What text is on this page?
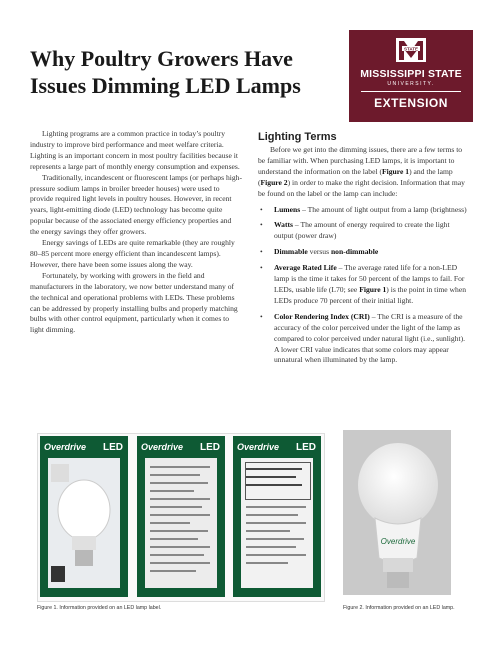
Why Poultry Growers Have Issues Dimming LED Lamps
STATE
MISSISSIPPI STATE
UNIVERSITY.
EXTENSION

Lighting programs are a common practice in today’s poultry industry to improve bird performance and meet welfare criteria. Lighting is an important concern in most poultry facilities because it represents a large part of monthly energy consumption and expenses.

Traditionally, incandescent or fluorescent lamps (or perhaps high-pressure sodium lamps in broiler breeder houses) were used to provide required light levels in poultry houses. However, in recent years, light-emitting diode (LED) technology has become quite popular because of the associated energy efficiency properties and the energy savings they offer growers.

Energy savings of LEDs are quite remarkable (they are roughly 80–85 percent more energy efficient than incandescent lamps). However, there have been some issues along the way.

Fortunately, by working with growers in the field and manufacturers in the laboratory, we now better understand many of the technical and operational problems with LEDs. These problems can be addressed by properly installing bulbs and properly matching bulbs with other control equipment, particularly when it comes to light dimming.

Lighting Terms

Before we get into the dimming issues, there are a few terms to be familiar with. When purchasing LED lamps, it is important to understand the information on the label (Figure 1) and the lamp (Figure 2) in order to make the right decision. Information that may be found on the label or the lamp can include:

• Lumens – The amount of light output from a lamp (brightness)
• Watts – The amount of energy required to create the light output (power draw)
• Dimmable versus non-dimmable
• Average Rated Life – The average rated life for a non-LED lamp is the time it takes for 50 percent of the lamps to fail. For LEDs, usable life (L70; see Figure 1) is the point in time when LEDs produce 70 percent of their initial light.
• Color Rendering Index (CRI) – The CRI is a measure of the accuracy of the color perceived under the light of the lamp as compared to color perceived under natural light (i.e., sunlight). A lower CRI value indicates that some colors may appear unnatural when illuminated by the lamp.
Overdrive LED Overdrive LED Overdrive LED
Overdrive
Figure 1. Information provided on an LED lamp label.	Figure 2. Information provided on an LED lamp.
